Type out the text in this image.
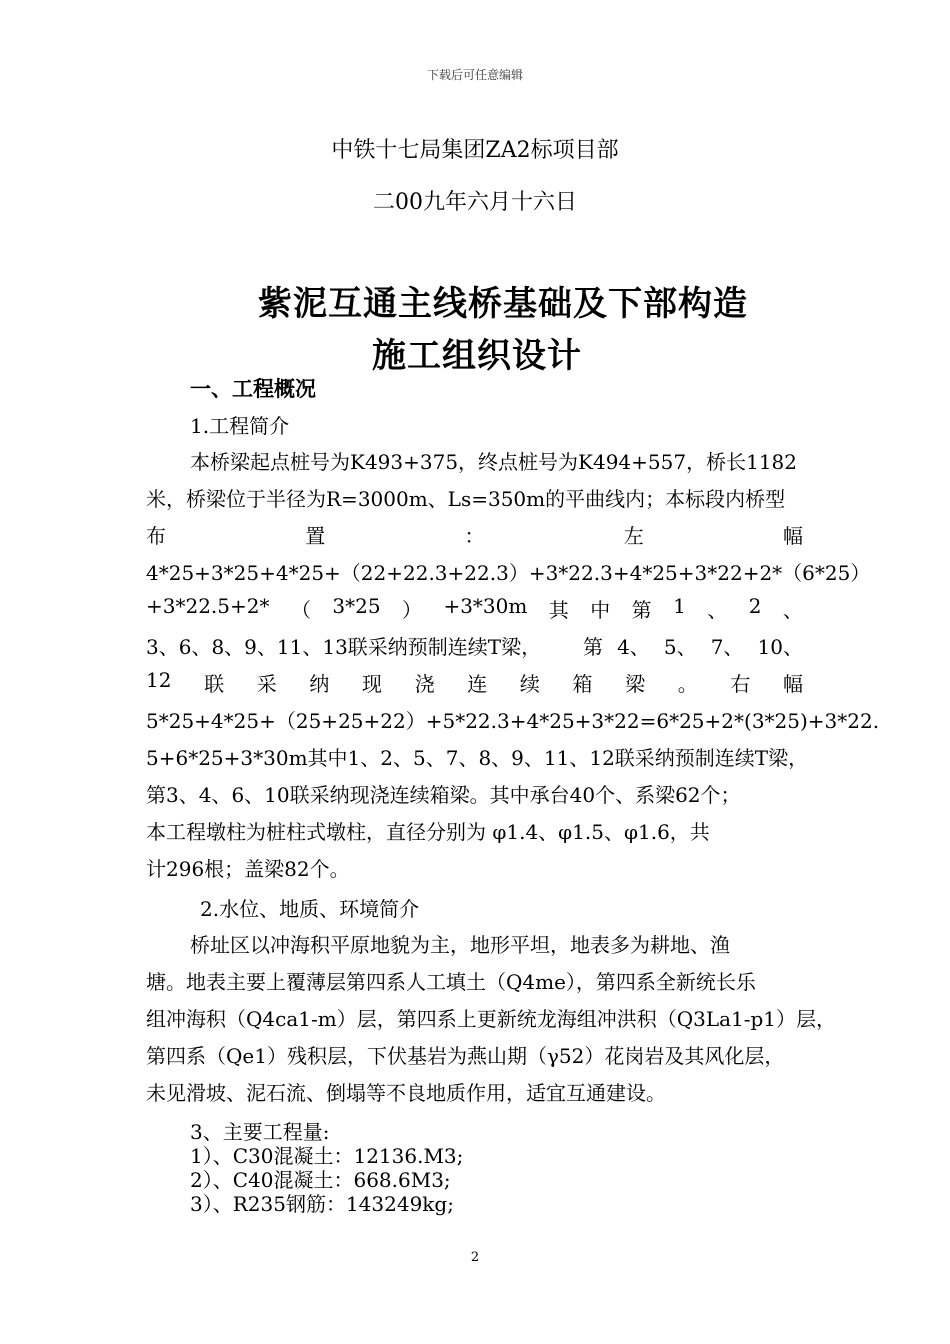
下载后可任意编辑
中铁十七局集团ZA2标项目部
二00九年六月十六日
紫泥互通主线桥基础及下部构造
施工组织设计
一、工程概况
1.工程简介
本桥梁起点桩号为K493+375，终点桩号为K494+557，桥长1182
米，桥梁位于半径为R=3000m、Ls=350m的平曲线内；本标段内桥型
布	置	：	左	幅
4*25+3*25+4*25+（22+22.3+22.3）+3*22.3+4*25+3*22+2*（6*25）
+3*22.5+2* （ 3*25 ） +3*30m 其 中 第 1 、 2 、
3、6、8、9、11、13联采纳预制连续T梁， 第 4、 5、 7、 10、
12 联 采 纳 现 浇 连 续 箱 梁 。 右 幅
5*25+4*25+（25+25+22）+5*22.3+4*25+3*22=6*25+2*(3*25)+3*22.
5+6*25+3*30m其中1、2、5、7、8、9、11、12联采纳预制连续T梁，
第3、4、6、10联采纳现浇连续箱梁。其中承台40个、系梁62个；
本工程墩柱为桩柱式墩柱，直径分别为 φ1.4、φ1.5、φ1.6，共
计296根；盖梁82个。
2.水位、地质、环境简介
桥址区以冲海积平原地貌为主，地形平坦，地表多为耕地、渔
塘。地表主要上覆薄层第四系人工填土（Q4me），第四系全新统长乐
组冲海积（Q4ca1-m）层，第四系上更新统龙海组冲洪积（Q3La1-p1）层，
第四系（Qe1）残积层，下伏基岩为燕山期（γ52）花岗岩及其风化层，
未见滑坡、泥石流、倒塌等不良地质作用，适宜互通建设。
3、主要工程量:
1）、C30混凝土：12136.M3;
2）、C40混凝土：668.6M3;
3）、R235钢筋：143249kg;
2
